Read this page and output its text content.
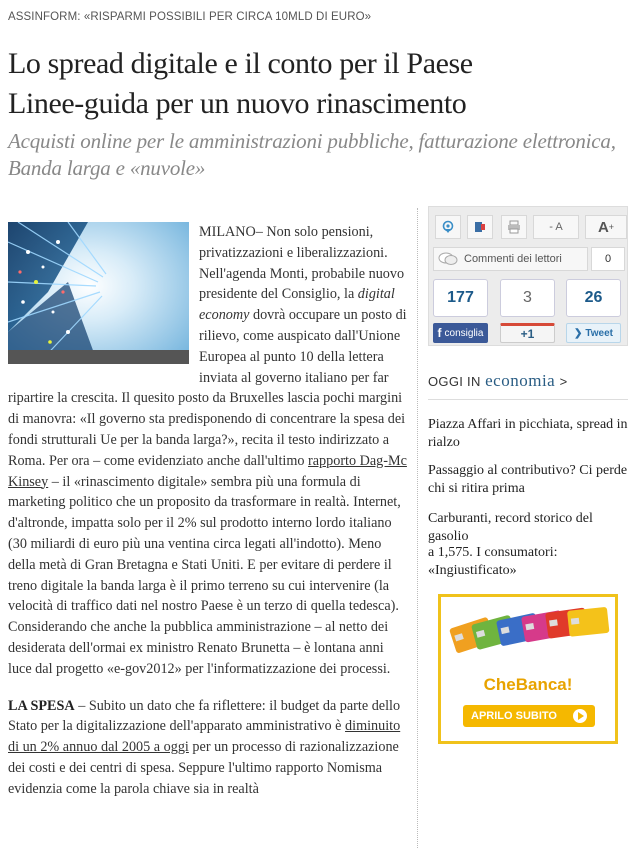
ASSINFORM: «RISPARMI POSSIBILI PER CIRCA 10MLD DI EURO»
Lo spread digitale e il conto per il Paese
Linee-guida per un nuovo rinascimento
Acquisti online per le amministrazioni pubbliche, fatturazione elettronica, Banda larga e «nuvole»

MILANO– Non solo pensioni, privatizzazioni e liberalizzazioni. Nell'agenda Monti, probabile nuovo presidente del Consiglio, la digital economy dovrà occupare un posto di rilievo, come auspicato dall'Unione Europea al punto 10 della lettera inviata al governo italiano per far ripartire la crescita. Il quesito posto da Bruxelles lascia pochi margini di manovra: «Il governo sta predisponendo di concentrare la spesa dei fondi strutturali Ue per la banda larga?», recita il testo indirizzato a Roma. Per ora – come evidenziato anche dall'ultimo rapporto Dag-Mc Kinsey – il «rinascimento digitale» sembra più una formula di marketing politico che un proposito da trasformare in realtà. Internet, d'altronde, impatta solo per il 2% sul prodotto interno lordo italiano (30 miliardi di euro più una ventina circa legati all'indotto). Meno della metà di Gran Bretagna e Stati Uniti. E per evitare di perdere il treno digitale la banda larga è il primo terreno su cui intervenire (la velocità di traffico dati nel nostro Paese è un terzo di quella tedesca). Considerando che anche la pubblica amministrazione – al netto dei desiderata dell'ormai ex ministro Renato Brunetta – è lontana anni luce dal progetto «e-gov2012» per l'informatizzazione dei processi.

LA SPESA – Subito un dato che fa riflettere: il budget da parte dello Stato per la digitalizzazione dell'apparato amministrativo è diminuito di un 2% annuo dal 2005 a oggi per un processo di razionalizzazione dei costi e dei centri di spesa. Seppure l'ultimo rapporto Nomisma evidenzia come la parola chiave sia in realtà

- A	A +
Commenti dei lettori	0
177
f consiglia
3
+1
26
❯ Tweet
OGGI IN economia >
Piazza Affari in picchiata, spread in rialzo
Passaggio al contributivo? Ci perde chi si ritira prima
Carburanti, record storico del gasolio
a 1,575. I consumatori: «Ingiustificato»
CheBanca!
APRILO SUBITO
